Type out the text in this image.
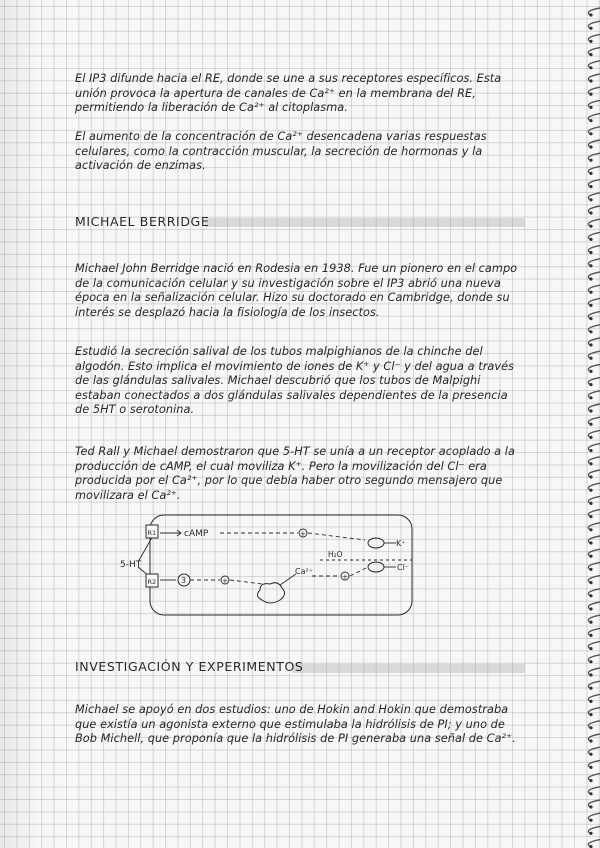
El IP3 difunde hacia el RE, donde se une a sus receptores específicos. Esta unión provoca la apertura de canales de Ca²⁺ en la membrana del RE, permitiendo la liberación de Ca²⁺ al citoplasma.

El aumento de la concentración de Ca²⁺ desencadena varias respuestas celulares, como la contracción muscular, la secreción de hormonas y la activación de enzimas.

MICHAEL BERRIDGE

Michael John Berridge nació en Rodesia en 1938. Fue un pionero en el campo de la comunicación celular y su investigación sobre el IP3 abrió una nueva época en la señalización celular. Hizo su doctorado en Cambridge, donde su interés se desplazó hacia la fisiología de los insectos.

Estudió la secreción salival de los tubos malpighianos de la chinche del algodón. Esto implica el movimiento de iones de K⁺ y Cl⁻ y del agua a través de las glándulas salivales. Michael descubrió que los tubos de Malpighi estaban conectados a dos glándulas salivales dependientes de la presencia de 5HT o serotonina.

Ted Rall y Michael demostraron que 5-HT se unía a un receptor acoplado a la producción de cAMP, el cual moviliza K⁺. Pero la movilización del Cl⁻ era producida por el Ca²⁺, por lo que debía haber otro segundo mensajero que movilizara el Ca²⁺.

5-HT
R1
R2
cAMP	+
K⁺
H₂O
3	+
Ca²⁺
+
Cl⁻
INVESTIGACIÓN Y EXPERIMENTOS

Michael se apoyó en dos estudios: uno de Hokin and Hokin que demostraba que existía un agonista externo que estimulaba la hidrólisis de PI; y uno de Bob Michell, que proponía que la hidrólisis de PI generaba una señal de Ca²⁺.
